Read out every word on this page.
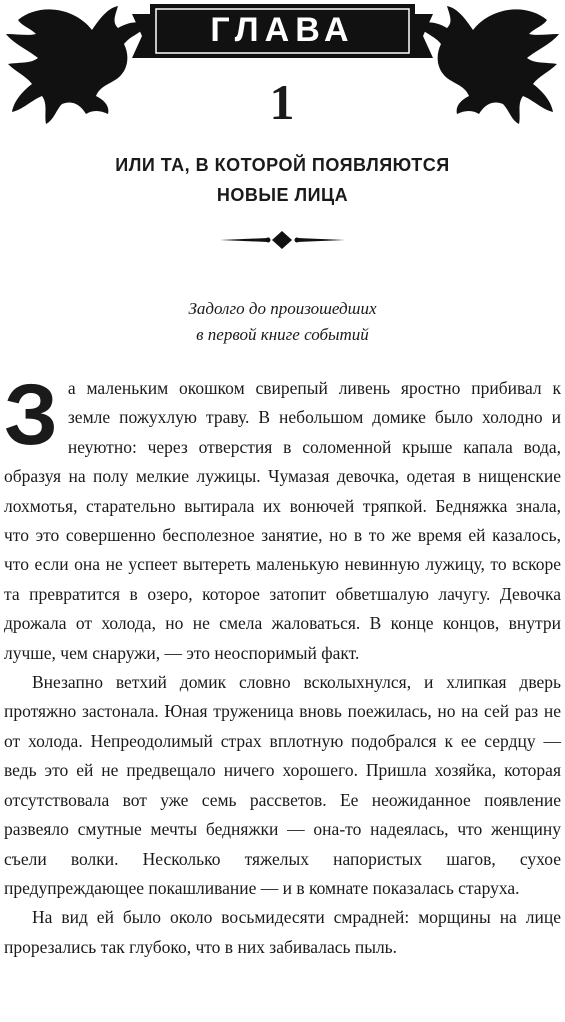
ГЛАВА
1
ИЛИ ТА, В КОТОРОЙ ПОЯВЛЯЮТСЯ
НОВЫЕ ЛИЦА
Задолго до произошедших
в первой книге событий

За маленьким окошком свирепый ливень яростно прибивал к земле пожухлую траву. В небольшом домике было холодно и неуютно: через отверстия в соломенной крыше капала вода, образуя на полу мелкие лужицы. Чумазая девочка, одетая в нищенские лохмотья, старательно вытирала их вонючей тряпкой. Бедняжка знала, что это совершенно бесполезное занятие, но в то же время ей казалось, что если она не успеет вытереть маленькую невинную лужицу, то вскоре та превратится в озеро, которое затопит обветшалую лачугу. Девочка дрожала от холода, но не смела жаловаться. В конце концов, внутри лучше, чем снаружи, — это неоспоримый факт.

Внезапно ветхий домик словно всколыхнулся, и хлипкая дверь протяжно застонала. Юная труженица вновь поежилась, но на сей раз не от холода. Непреодолимый страх вплотную подобрался к ее сердцу — ведь это ей не предвещало ничего хорошего. Пришла хозяйка, которая отсутствовала вот уже семь рассветов. Ее неожиданное появление развеяло смутные мечты бедняжки — она-то надеялась, что женщину съели волки. Несколько тяжелых напористых шагов, сухое предупреждающее покашливание — и в комнате показалась старуха.

На вид ей было около восьмидесяти смрадней: морщины на лице прорезались так глубоко, что в них забивалась пыль.
